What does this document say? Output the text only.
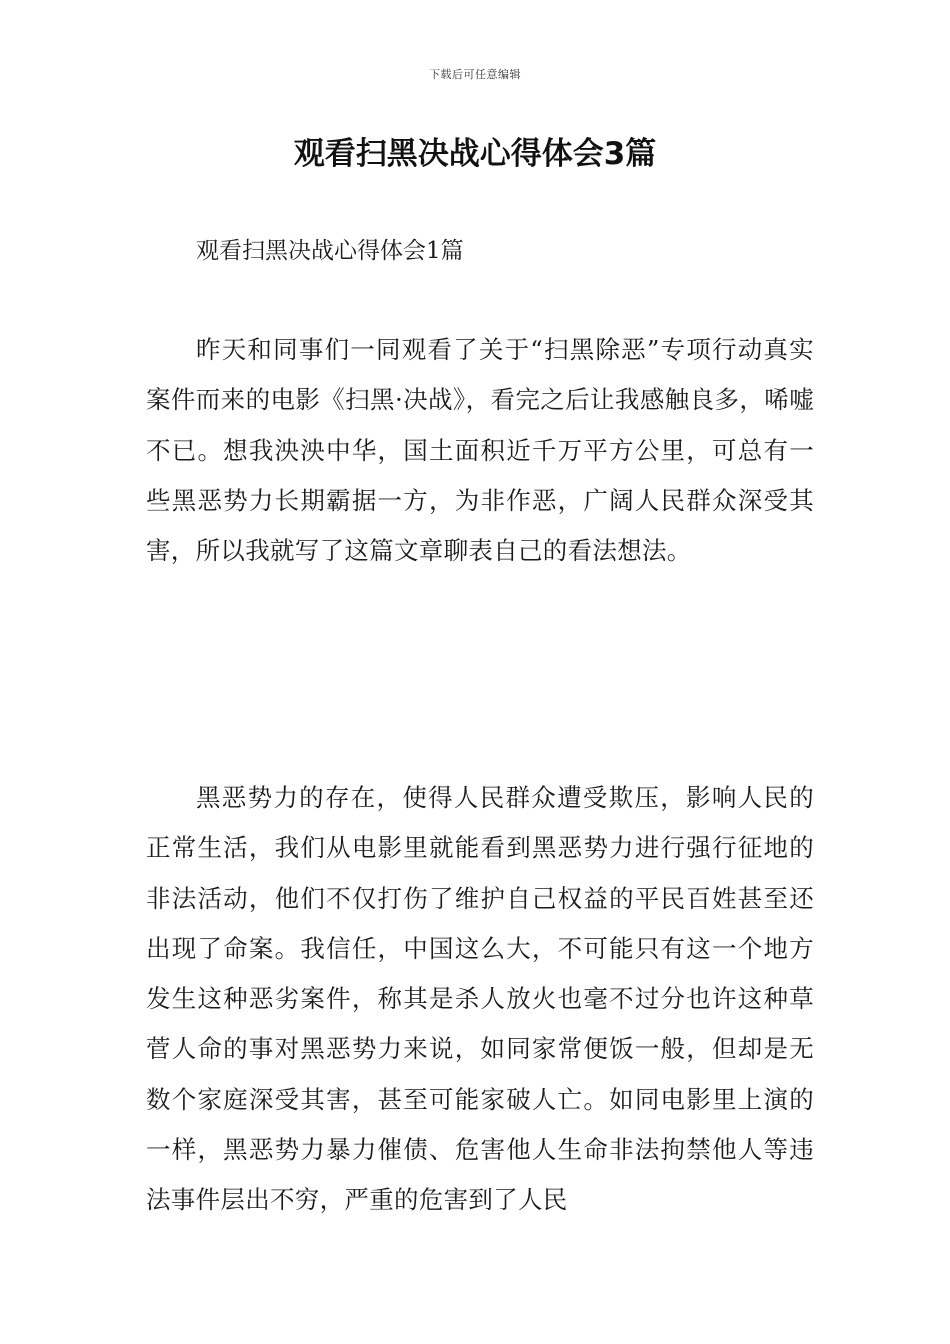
下载后可任意编辑
观看扫黑决战心得体会3篇
观看扫黑决战心得体会1篇

昨天和同事们一同观看了关于“扫黑除恶”专项行动真实案件而来的电影《扫黑·决战》，看完之后让我感触良多，唏嘘不已。想我泱泱中华，国土面积近千万平方公里，可总有一些黑恶势力长期霸据一方，为非作恶，广阔人民群众深受其害，所以我就写了这篇文章聊表自己的看法想法。

黑恶势力的存在，使得人民群众遭受欺压，影响人民的正常生活，我们从电影里就能看到黑恶势力进行强行征地的非法活动，他们不仅打伤了维护自己权益的平民百姓甚至还出现了命案。我信任，中国这么大，不可能只有这一个地方发生这种恶劣案件，称其是杀人放火也毫不过分也许这种草菅人命的事对黑恶势力来说，如同家常便饭一般，但却是无数个家庭深受其害，甚至可能家破人亡。如同电影里上演的一样，黑恶势力暴力催债、危害他人生命非法拘禁他人等违法事件层出不穷，严重的危害到了人民
